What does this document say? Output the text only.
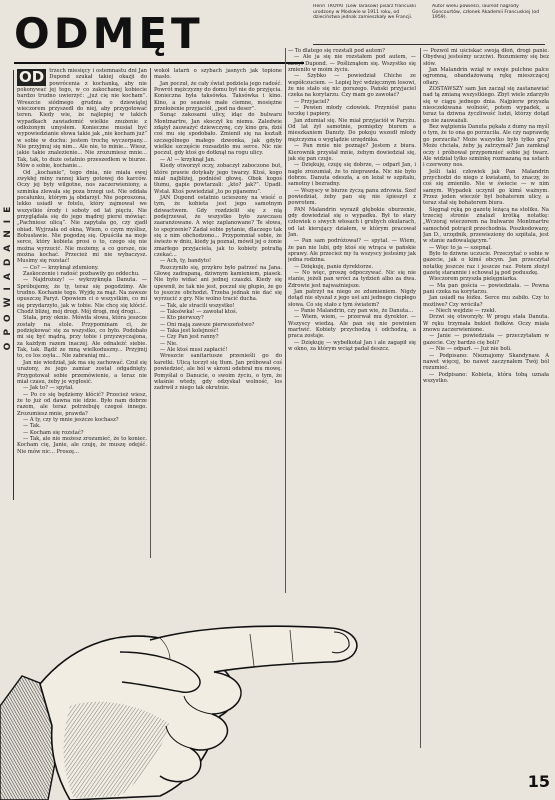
ODMĘT
Henri TROYAT (Lew Tarasow) pisarz francuski urodzony w Moskwie w 1911 roku, od dzieciństwa jednak zamieszkały we Francji. Autor wielu powieści, laureat nagrody Goncourtów, członek Akademii Francuskiej (od 1959).
OPOWIADANIE
OD trzech miesięcy i ostemnastu dni Jan Dupond szukał takiej okazji do powrócenia z kochanką, aby nie pokonywać jej tego, w co zakochanej kobiecie bardzo trudno uwierzyć: „już cię nie kocham”. Wreszcie siódmego grudnia o dziewiątej wieczorem przyszedł do niej, aby przygotować teren. Kiedy wie, że najlepiej w takich wypadkach zawiadomić wielkie znużenie z odłożonym umysłem. Konieczne musiał być wypowiedzianie słowa takie jak „nie kocham już” w sobie w duchu: jestem trochę wyczerpany... Nie przyjmuj się nim... Ale nie, to minie... Wiesz, jakie takie znalezienie... Nie zrozumiesz mnie... Tak, tak, to duże ostatnio przeszedłem w biurze. Mów o sobie, kochanie...

Od „kochanie”, tego dnia, nie miała ewej zwykłej miny rannej klary gotowej do karców. Oczy jej były wilgotne, nos zaczerwieniony, a szminka zlewała się poza brzegi ust. Nie oddała pocałunku, którym ją obdarzył. Nie poproszona, lekko usiadł w fotelu, który zajmował we wszystkie środy i soboty od lat pięciu. Nie przyglądała się do jego mądrej piersi mówiąc: „Pachniesz ulicą”. Nie zapytała go, czy zjadł obiad. Wyjrzała od okna, Wiem, o czym myślisz, Bohusławie. Nie pogodzę się. Opuściła na moje serce, który kobieta prosi o to, czego się nie można wyrzucić. Nie możemy, a co gorsze, nie można kochać. Przecież mi nie wybaczysz. Musimy się rozstać!

— Co? — krzyknął zdumiony.

Zaskoczenie i radość pozbawiły go oddechu.

— Najdroższy! — wykrzyknęła Danuta. — Spróbujemy, że ty, teraz się pogodzimy. Ale trudno. Kochanie tego. Wyjdę za mąż. Na zawsze opuszczę Paryż. Opowiem ci o wszystkim, co mi się przydarzyło, jak w tobie. Nie chcę się kłócić. Chodź bliżej, mój drogi. Mój drogi, mój drogi...

Stała, przy oknie. Mówiła słowa, która jeszcze zostały na stole. Przypominam ci, że podziękować się za wszystko, co było. Podobało mi się być mądrą, przy tobie i przyzwyczajona, za każdym razem inaczej. Ale odnaleźć siebie. Tak, tak. Bądź ze mną wielkoduszny... Przyjmij to, co los zsyła... Nie zabraniaj mi...

Jan nie wiedział, jak ma się zachować. Czuł się urażony, że jego zamiar został odgadnięty. Przygotował sobie przemówienie, a teraz nie miał czasu, żeby je wygłosić.

— Jak to? — spytał.

— Po co się będziemy kłócić? Przecież wiesz, że to już od dawna nie idzie. Było nam dobrze razem, ale teraz potrzebuję czegoś innego. Zrozumiesz mnie, prawda?

— A ty, czy ty mnie jeszcze kochasz?

— Tak.

— Kocham się rozstać?

— Tak, ale nie możesz zrozumieć, że to koniec. Kocham cię, Janie, ale czuję, że muszę odejść. Nie mów nic... Proszę...

wokół latarń o szybach jasnych jak topione masło.

Jan poczuł, że cały świat podziela jego radość. Powrót mężczyzny do domu był nie do przyjęcia. Konieczna była taksówka. Taksówka i kino. Kino, a po seansie małe ciemne, mosiężne przełożenie przyjaciół, „pod na deser”.

Sunąc zakosami ulicy, idąc do bulwaru Montmartre, Jan skoczył ku niemu. Zaledwie zdążył zauważyć dziewczynę, czy kino gra, dziś coś mu się spodobało. Zmienił się na kształt szczególnego małego dzwonka, jak gdyby wielkie szczęście rozsadziło mu serce. Nic nie poczuł, gdy ktoś go dotknął na rogu ulicy.

— A! — krzyknął Jan.

Kiedy otworzył oczy, zobaczył zaboczone but, które prawie dotykały jego twarzy. Ktoś, kogo miał najbliżej, podniósł głowę. Obok kogoś tłumu, gapie powtarzali: „kto? jak?”. Upadł. Wstał. Ktoś powiedział „to po pijanemu”.

JAN Dupond ostatnio ucieszony na wieść o tym, że kobieta jest jego samotnym dziwactwem. Gdy rozdzielił się z nią podejrzewał, że wszystko było zawczasu zaaranżowane. A więc zaplanowane? Te słowa, to spojrzenie? Zadał sobie pytanie, dlaczego tak się z nim obchodzono... Przypomniał sobie, że świeżo w dniu, kiedy ją poznał, mówił jej o żonie zmarłego przyjaciela, jak to kobiety potrafią czekać...

— Ach, ty, bandyto!

Rozczyniło się, przykro było patrzeć na Jana. Głowę zadrapaną, dziwnym kamieniem, piasek. Nie było widać ani jednej czaszki. Kiedy się upewnił, że tak nie jest, poczuł się głupio, że go to jeszcze obchodzi. Trzeba jednak nie dać się wyrzucić z gry. Nie wolno tracić ducha.

— Tak, ale stracili wszystko!

— Taksówka! — zawołał ktoś.

— Kto pierwszy?

— Oni mają zawsze pierwszeństwo?

— Taka jest kolejność!

— Czy Pan jest ranny?

— Nie.

— Ale ktoś musi zapłacić!

Wreszcie sanitariusze przenieśli go do karetki. Ulicą toczył się tłum. Jan próbował coś powiedzieć, ale ból w skroni odebrał mu mowę. Pomyślał o Danucie, o swoim życiu, o tym, że właśnie wtedy, gdy odzyskał wolność, los zadrwił z niego tak okrutnie.

— To dlatego się rozstali pod autem?

— Ale ja się nie rozstałem pod autem, — zawył Dupond. — Pośliznąłem się. Wszystko się zmieniło w moim życiu.

— Szybko — powiedział Chiche ze współczuciem. — Lepiej być wdzięcznym losowi, że nie stało się nic gorszego. Pański przyjaciel czeka na korytarzu. Czy mam go zawołać?

— Przyjaciel?

— Pewien młody człowiek. Przyniósł panu teczkę i papiery.

Jan zdumiał się. Nie miał przyjaciół w Paryżu. Od lat żył samotnie, pomiędzy biurem a mieszkaniem Danuty. Do pokoju wszedł młody mężczyzna o wyglądzie urzędnika.

— Pan mnie nie poznaje? Jestem z biura. Kierownik przysłał mnie, żebym dowiedział się, jak się pan czuje.

— Dziękuję, czuję się dobrze, — odparł Jan, i nagle zrozumiał, że to nieprawda. Nic nie było dobrze. Danuta odeszła, a on leżał w szpitalu, samotny i bezradny.

— Wszyscy w biurze życzą panu zdrowia. Szef powiedział, żeby pan się nie śpieszył z powrotem.

PAN Malandrin wyraził głębokie oburzenie, gdy dowiedział się o wypadku. Był to stary człowiek o siwych włosach i grubych okularach, od lat kierujący działem, w którym pracował Jan.

— Pan sam podróżował? — spytał. — Wiem, że pan nie lubi, gdy ktoś się wtrąca w pańskie sprawy. Ale przecież my tu wszyscy jesteśmy jak jedna rodzina.

— Dziękuję, panie dyrektorze.

— No więc, proszę odpoczywać. Nic się nie stanie, jeżeli pan wróci za tydzień albo za dwa. Zdrowie jest najważniejsze.

Jan patrzył na niego ze zdumieniem. Nigdy dotąd nie słyszał z jego ust ani jednego ciepłego słowa. Co się stało z tym światem?

— Panie Malandrin, czy pan wie, że Danuta...

— Wiem, wiem, — przerwał mu dyrektor. — Wszyscy wiedzą. Ale pan się nie powinien martwić. Kobiety przychodzą i odchodzą, a praca zostaje.

— Dziękuję — wybełkotał Jan i ale zagapił się w okno, za którym wciąż padał deszcz.

— Pozwól mi uściskać swoją dłoń, drogi panie. Obydwaj jesteśmy uczciwi. Rozumiemy się bez słów.

Jan Malandrin wziął w swoje pulchne palce ogromną, obandażowaną rękę mieszczącej ofiary.

ZOSTAWSZY sam Jan zaczął się zastanawiać nad tą zmianą wszystkiego. Zbyt wiele zdarzyło się w ciągu jednego dnia. Najpierw przyszła nieoczekiwana wolność, potem wypadek, a teraz ta dziwna życzliwość ludzi, którzy dotąd go nie zauważali.

Bez wątpienia Danuta pękała z dumy na myśl o tym, że to ona go porzuciła. Ale czy naprawdę go porzuciła? Może wszystko było tylko grą? Może chciała, żeby ją zatrzymał? Jan zamknął oczy i próbował przypomnieć sobie jej twarz. Ale widział tylko szminkę rozmazaną na ustach i czerwony nos.

Jeśli taki człowiek jak Pan Malandrin przychodzi do niego z kwiatami, to znaczy, że coś się zmieniło. Nie w świecie — w nim samym. Wypadek uczynił go kimś ważnym. Przez jeden wieczór był bohaterem ulicy, a teraz stał się bohaterem biura.

Sięgnął ręką po gazetę leżącą na stoliku. Na trzeciej stronie znalazł krótką notatkę: „Wczoraj wieczorem na bulwarze Montmartre samochód potrącił przechodnia. Poszkodowany, Jan D., urzędnik, przewieziony do szpitala, jest w stanie zadowalającym.”

— Więc to ja — szepnął.

Było to dziwne uczucie. Przeczytać o sobie w gazecie, jak o kimś obcym. Jan przeczytał notatkę jeszcze raz i jeszcze raz. Potem złożył gazetę starannie i schował ją pod poduszkę.

Wieczorem przyszła pielęgniarka.

— Ma pan gościa — powiedziała. — Pewna pani czeka na korytarzu.

Jan usiadł na łóżku. Serce mu zabiło. Czy to możliwe? Czy wróciła?

— Niech wejdzie — rzekł.

Drzwi się otworzyły. W progu stała Danuta. W ręku trzymała bukiet fiołków. Oczy miała znowu zaczerwienione.

— Janie — powiedziała — przeczytałam w gazecie. Czy bardzo cię boli?

— Nie — odparł. — Już nie boli.

— Podpisano: Nieznajomy Skandynaw. A nawet więcej, bo nawet zaczynałem Twój ból rozumieć.

— Podpisano: Kobieta, która tobą uznała wszystko.

15
